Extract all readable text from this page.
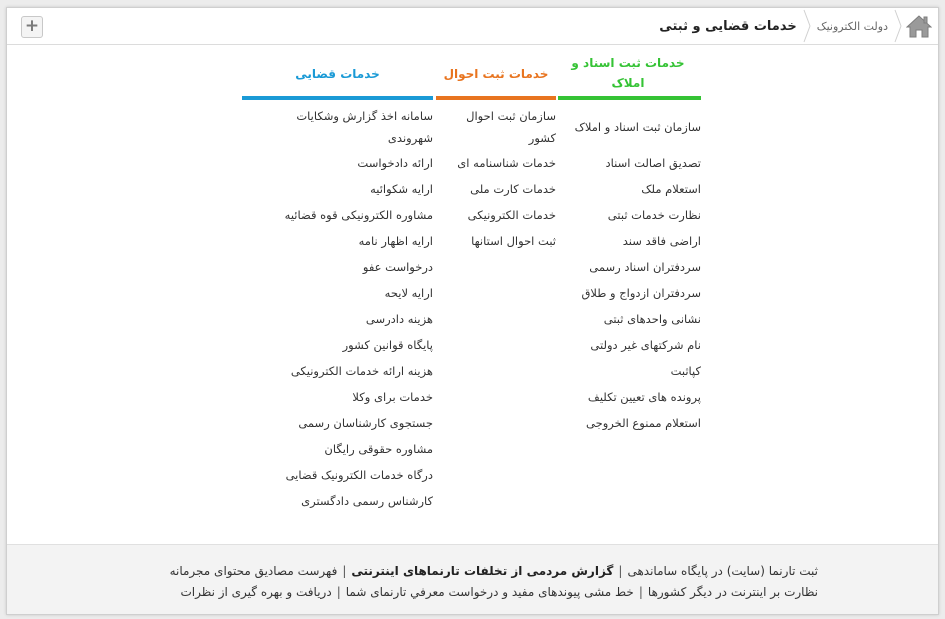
+	خدمات قضایی و ثبتی	دولت الکترونیک
خدمات ثبت اسناد و املاک
سازمان ثبت اسناد و املاک
تصدیق اصالت اسناد
استعلام ملک
نظارت خدمات ثبتی
اراضی فاقد سند
سردفتران اسناد رسمی
سردفتران ازدواج و طلاق
نشانی واحدهای ثبتی
نام شرکتهای غیر دولتی
کپاثبت
پرونده های تعیین تکلیف
استعلام ممنوع الخروجی
خدمات ثبت احوال
سازمان ثبت احوال کشور
خدمات شناسنامه ای
خدمات کارت ملی
خدمات الکترونیکی
ثبت احوال استانها
خدمات قضایی
سامانه اخذ گزارش وشکایات شهروندی
ارائه دادخواست
ارایه شکوائیه
مشاوره الکترونیکی قوه قضائیه
ارایه اظهار نامه
درخواست عفو
ارایه لایحه
هزینه دادرسی
پایگاه قوانین کشور
هزینه ارائه خدمات الکترونیکی
خدمات برای وکلا
جستجوی کارشناسان رسمی
مشاوره حقوقی رایگان
درگاه خدمات الکترونیک قضایی
کارشناس رسمی دادگستری
ثبت تارنما (سایت) در پایگاه ساماندهی|گزارش مردمی از تخلفات تارنماهای اینترنتی|فهرست مصادیق محتوای مجرمانه
نظارت بر اینترنت در دیگر کشورها|خط مشی پیوندهای مفید و درخواست معرفي تارنمای شما|دریافت و بهره گیری از نظرات
